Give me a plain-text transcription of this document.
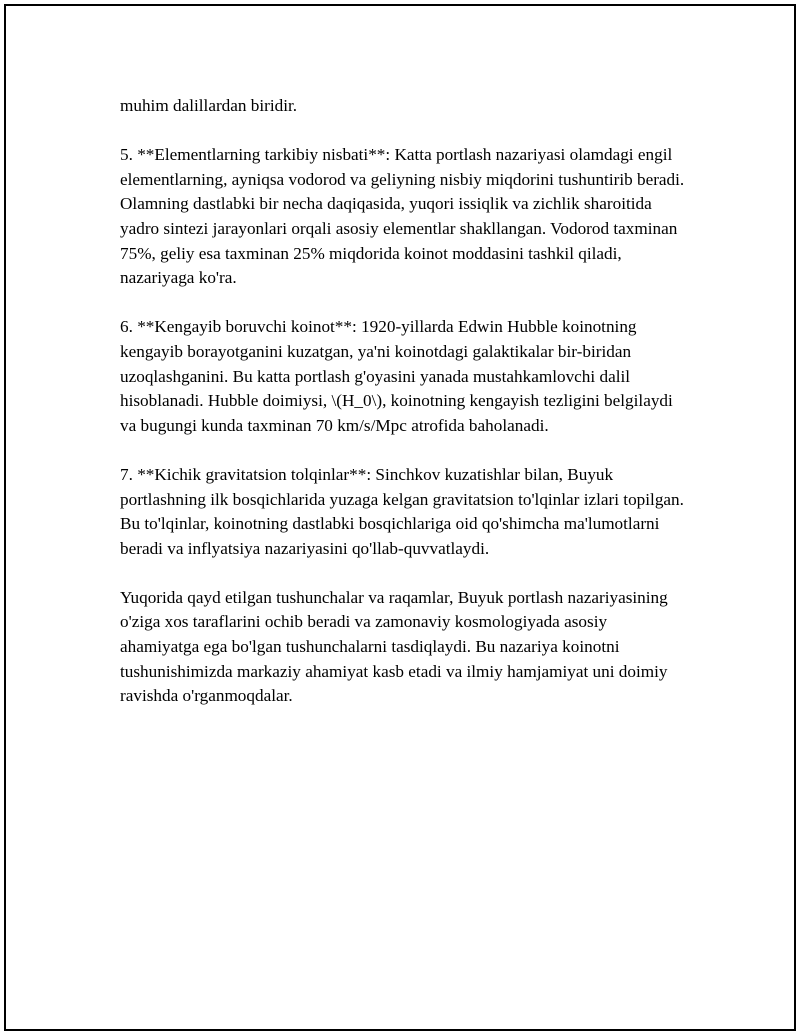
muhim dalillardan biridir.

5. **Elementlarning tarkibiy nisbati**: Katta portlash nazariyasi olamdagi engil elementlarning, ayniqsa vodorod va geliyning nisbiy miqdorini tushuntirib beradi. Olamning dastlabki bir necha daqiqasida, yuqori issiqlik va zichlik sharoitida yadro sintezi jarayonlari orqali asosiy elementlar shakllangan. Vodorod taxminan 75%, geliy esa taxminan 25% miqdorida koinot moddasini tashkil qiladi, nazariyaga ko'ra.

6. **Kengayib boruvchi koinot**: 1920-yillarda Edwin Hubble koinotning kengayib borayotganini kuzatgan, ya'ni koinotdagi galaktikalar bir-biridan uzoqlashganini. Bu katta portlash g'oyasini yanada mustahkamlovchi dalil hisoblanadi. Hubble doimiysi, \(H_0\), koinotning kengayish tezligini belgilaydi va bugungi kunda taxminan 70 km/s/Mpc atrofida baholanadi.

7. **Kichik gravitatsion tolqinlar**: Sinchkov kuzatishlar bilan, Buyuk portlashning ilk bosqichlarida yuzaga kelgan gravitatsion to'lqinlar izlari topilgan. Bu to'lqinlar, koinotning dastlabki bosqichlariga oid qo'shimcha ma'lumotlarni beradi va inflyatsiya nazariyasini qo'llab-quvvatlaydi.

Yuqorida qayd etilgan tushunchalar va raqamlar, Buyuk portlash nazariyasining o'ziga xos taraflarini ochib beradi va zamonaviy kosmologiyada asosiy ahamiyatga ega bo'lgan tushunchalarni tasdiqlaydi. Bu nazariya koinotni tushunishimizda markaziy ahamiyat kasb etadi va ilmiy hamjamiyat uni doimiy ravishda o'rganmoqdalar.
